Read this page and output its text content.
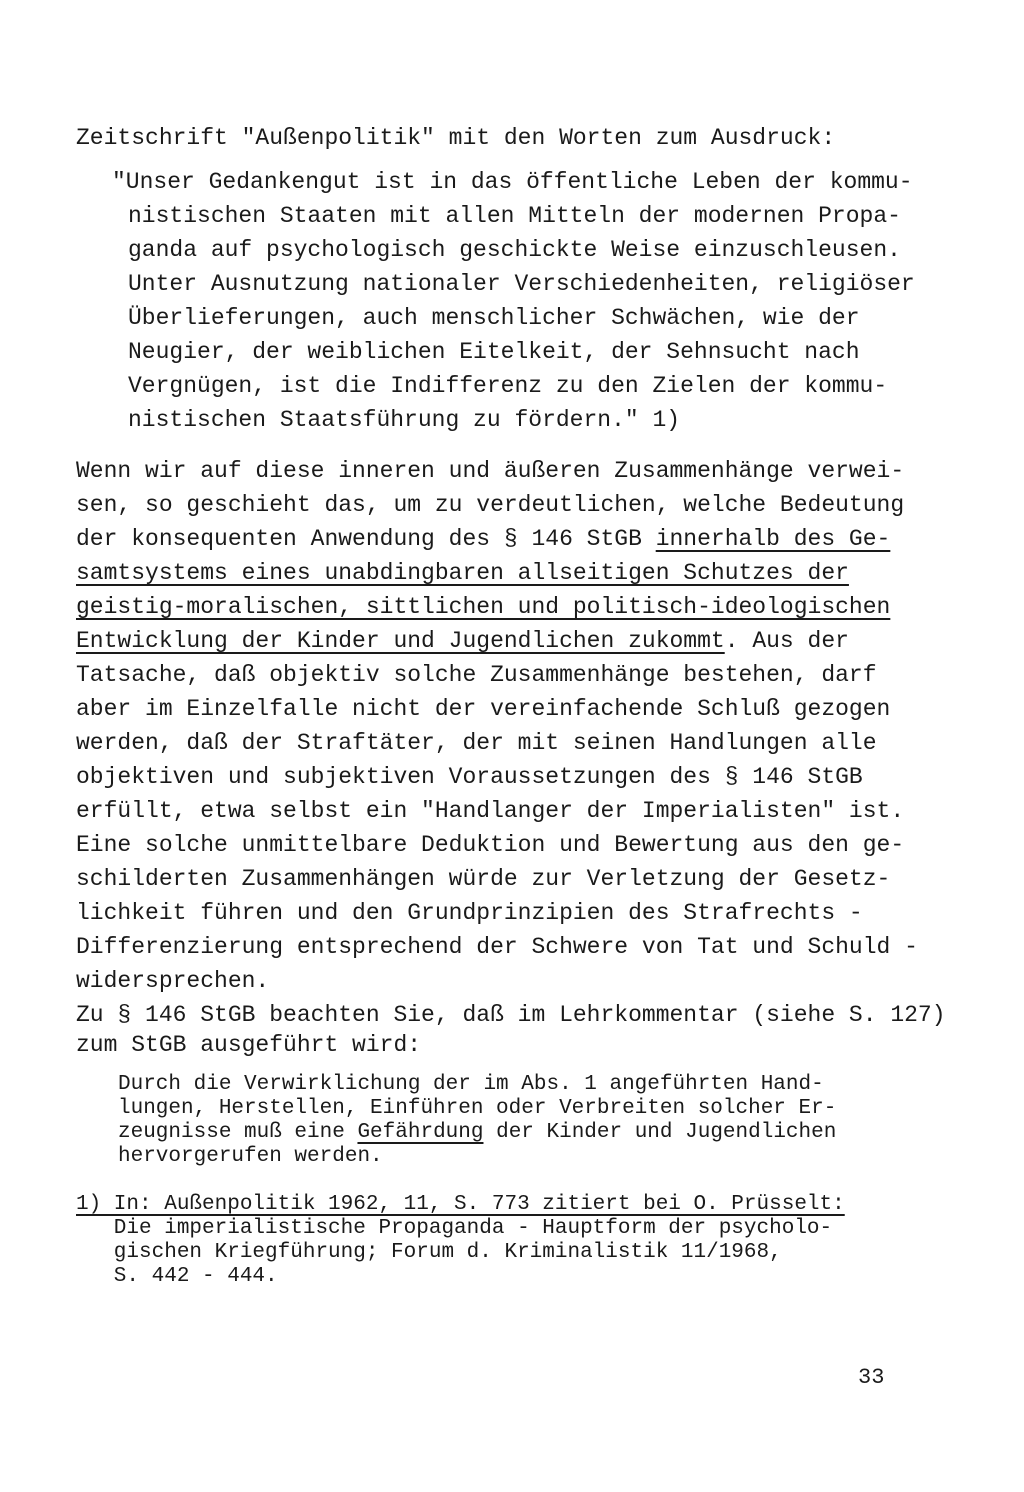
Zeitschrift "Außenpolitik" mit den Worten zum Ausdruck:
"Unser Gedankengut ist in das öffentliche Leben der kommu-
nistischen Staaten mit allen Mitteln der modernen Propa-
ganda auf psychologisch geschickte Weise einzuschleusen.
Unter Ausnutzung nationaler Verschiedenheiten, religiöser
Überlieferungen, auch menschlicher Schwächen, wie der
Neugier, der weiblichen Eitelkeit, der Sehnsucht nach
Vergnügen, ist die Indifferenz zu den Zielen der kommu-
nistischen Staatsführung zu fördern." 1)
Wenn wir auf diese inneren und äußeren Zusammenhänge verwei-
sen, so geschieht das, um zu verdeutlichen, welche Bedeutung
der konsequenten Anwendung des § 146 StGB innerhalb des Ge-
samtsystems eines unabdingbaren allseitigen Schutzes der
geistig-moralischen, sittlichen und politisch-ideologischen
Entwicklung der Kinder und Jugendlichen zukommt. Aus der
Tatsache, daß objektiv solche Zusammenhänge bestehen, darf
aber im Einzelfalle nicht der vereinfachende Schluß gezogen
werden, daß der Straftäter, der mit seinen Handlungen alle
objektiven und subjektiven Voraussetzungen des § 146 StGB
erfüllt, etwa selbst ein "Handlanger der Imperialisten" ist.
Eine solche unmittelbare Deduktion und Bewertung aus den ge-
schilderten Zusammenhängen würde zur Verletzung der Gesetz-
lichkeit führen und den Grundprinzipien des Strafrechts -
Differenzierung entsprechend der Schwere von Tat und Schuld -
widersprechen.
Zu § 146 StGB beachten Sie, daß im Lehrkommentar (siehe S. 127)
zum StGB ausgeführt wird:
Durch die Verwirklichung der im Abs. 1 angeführten Hand-
lungen, Herstellen, Einführen oder Verbreiten solcher Er-
zeugnisse muß eine Gefährdung der Kinder und Jugendlichen
hervorgerufen werden.
1) In: Außenpolitik 1962, 11, S. 773 zitiert bei O. Prüsselt:
Die imperialistische Propaganda - Hauptform der psycholo-
gischen Kriegführung; Forum d. Kriminalistik 11/1968,
S. 442 - 444.
33
